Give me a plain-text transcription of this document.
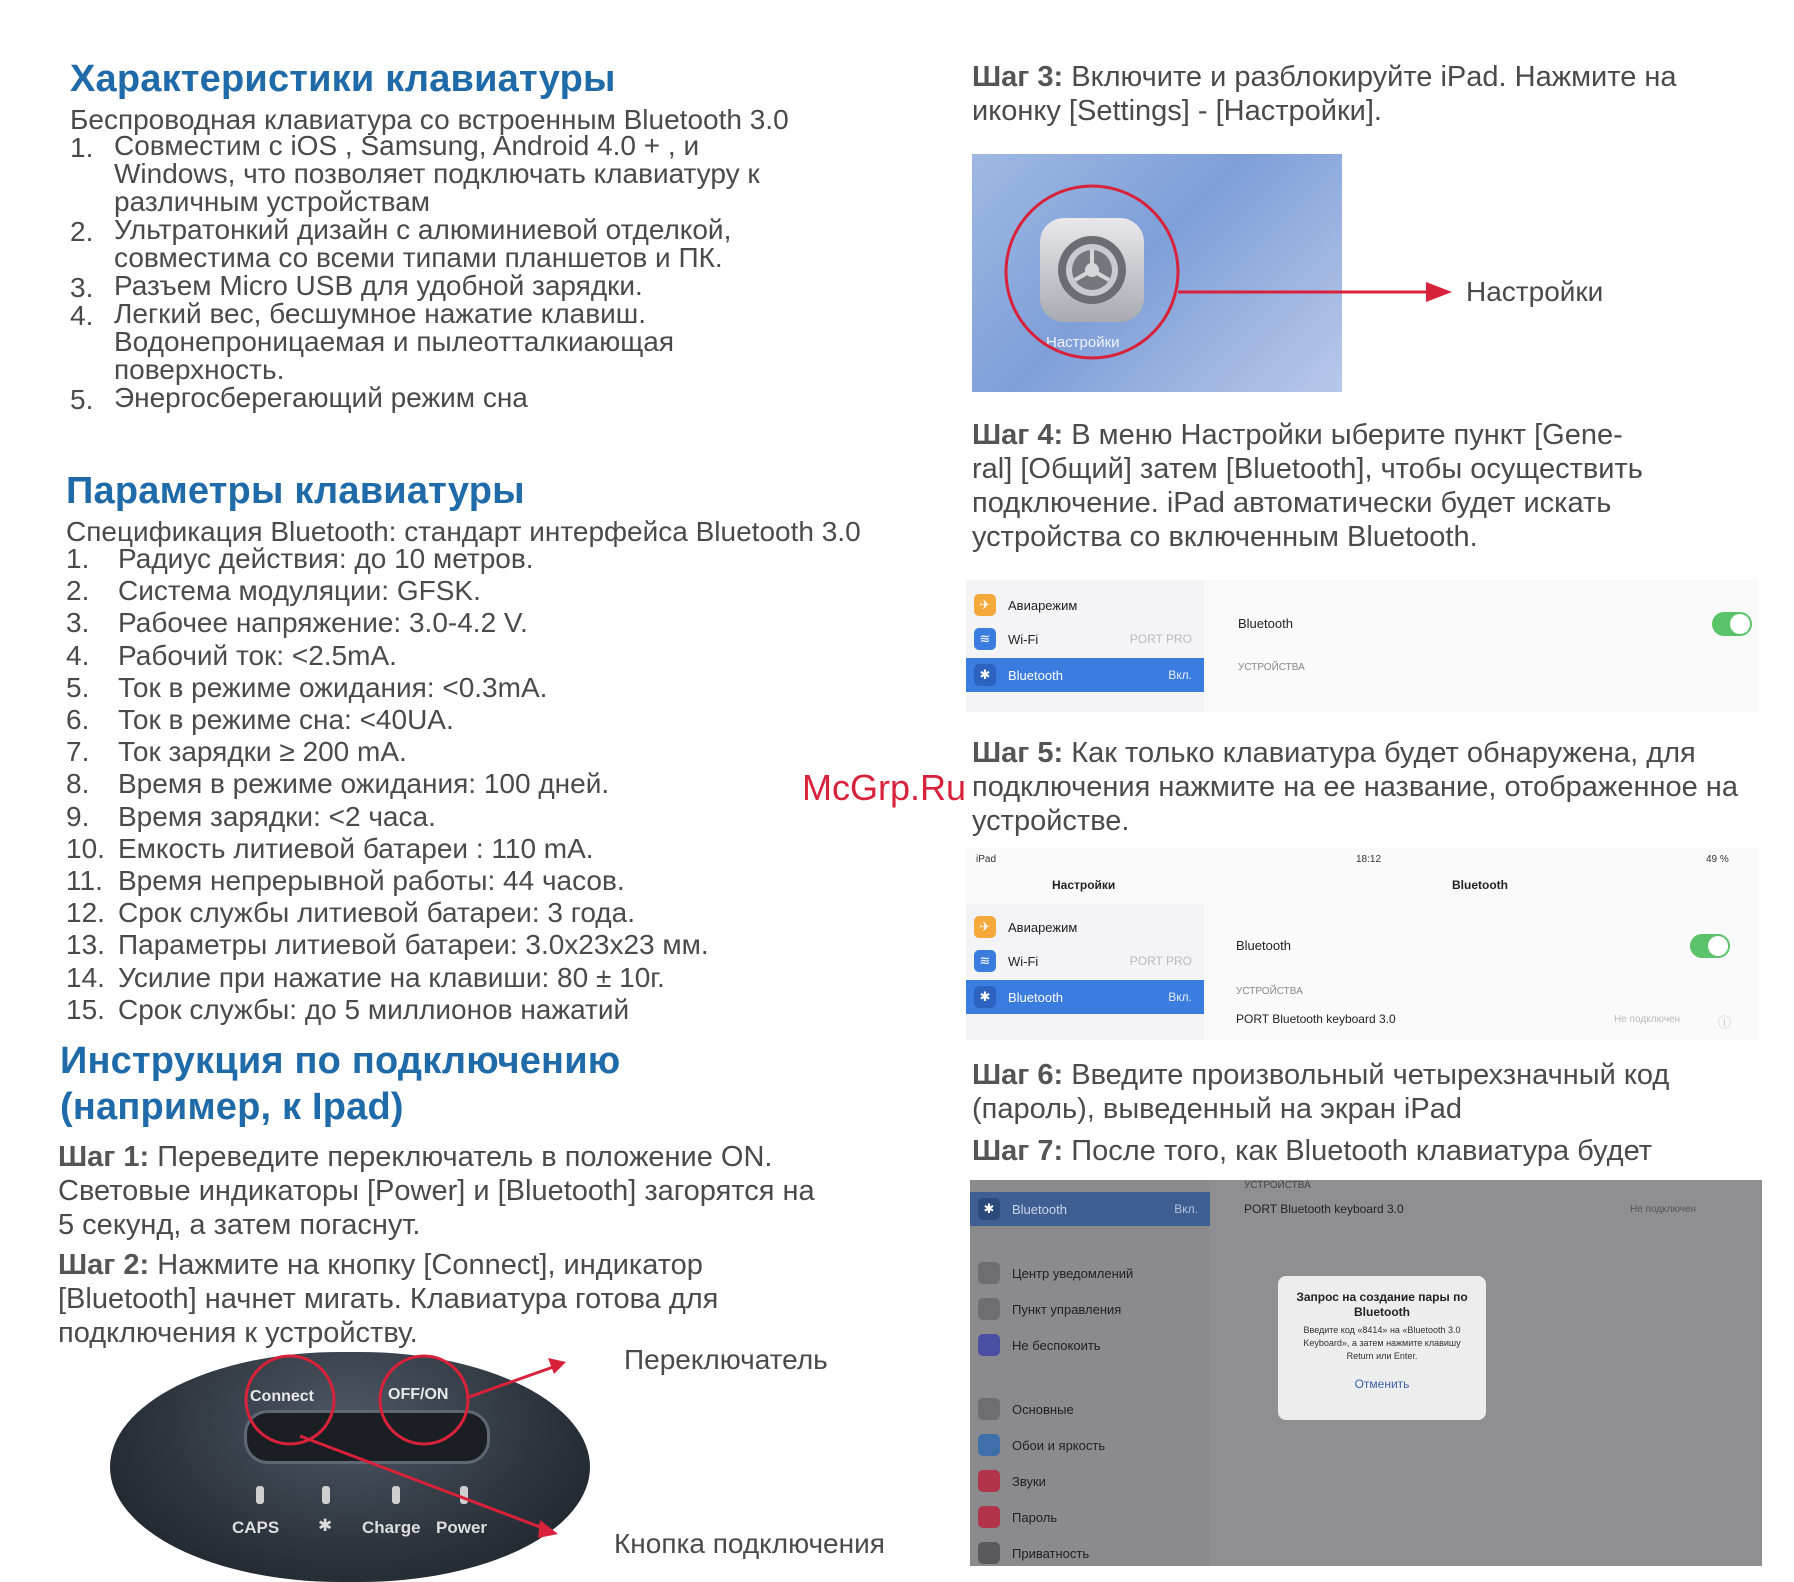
Характеристики клавиатуры
Беспроводная клавиатура со встроенным Bluetooth 3.0
1. Совместим с iOS , Samsung, Android 4.0 + , и
Windows, что позволяет подключать клавиатуру к
различным устройствам
2. Ультратонкий дизайн с алюминиевой отделкой,
совместима со всеми типами планшетов и ПК.
3. Разъем Micro USB для удобной зарядки.
4. Легкий вес, бесшумное нажатие клавиш.
Водонепроницаемая и пылеотталкиающая
поверхность.
5. Энергосберегающий режим сна
Параметры клавиатуры
Спецификация Bluetooth: стандарт интерфейса Bluetooth 3.0
1. Радиус действия: до 10 метров.
2. Система модуляции: GFSK.
3. Рабочее напряжение: 3.0-4.2 V.
4. Рабочий ток: <2.5mA.
5. Ток в режиме ожидания: <0.3mA.
6. Ток в режиме сна: <40UA.
7. Ток зарядки ≥ 200 mA.
8. Время в режиме ожидания: 100 дней.
9. Время зарядки: <2 часа.
10. Емкость литиевой батареи : 110 mA.
11. Время непрерывной работы: 44 часов.
12. Срок службы литиевой батареи: 3 года.
13. Параметры литиевой батареи: 3.0x23x23 мм.
14. Усилие при нажатие на клавиши: 80 ± 10г.
15. Срок службы: до 5 миллионов нажатий
Инструкция по подключению
(например, к Ipad)
Шаг 1: Переведите переключатель в положение ON.
Световые индикаторы [Power] и [Bluetooth] загорятся на
5 секунд, а затем погаснут.
Шаг 2: Нажмите на кнопку [Connect], индикатор
[Bluetooth] начнет мигать. Клавиатура готова для
подключения к устройству.
Connect	OFF/ON
CAPS ✱ Charge Power
Переключатель
Кнопка подключения
McGrp.Ru
Шаг 3: Включите и разблокируйте iPad. Нажмите на
иконку [Settings] - [Настройки].
Настройки
Настройки
Шаг 4: В меню Настройки ыберите пункт [Gene-
ral] [Общий] затем [Bluetooth], чтобы осуществить
подключение. iPad автоматически будет искать
устройства со включенным Bluetooth.
✈	Авиарежим
≋	Wi-Fi	PORT PRO
✱	Bluetooth	Вкл.
Bluetooth
УСТРОЙСТВА
Шаг 5: Как только клавиатура будет обнаружена, для
подключения нажмите на ее название, отображенное на
устройстве.
iPad	18:12	49 %
Настройки	Bluetooth
✈	Авиарежим
≋	Wi-Fi	PORT PRO
✱	Bluetooth	Вкл.
Bluetooth
УСТРОЙСТВА
PORT Bluetooth keyboard 3.0	Не подключен	ⓘ
Шаг 6: Введите произвольный четырехзначный код
(пароль), выведенный на экран iPad
Шаг 7: После того, как Bluetooth клавиатура будет
✱	Bluetooth	Вкл.
УСТРОЙСТВА
PORT Bluetooth keyboard 3.0	Не подключен
Центр уведомлений
Пункт управления
Не беспокоить
Основные
Обои и яркость
Звуки
Пароль
Приватность
Запрос на создание пары по Bluetooth
Введите код «8414» на «Bluetooth 3.0 Keyboard», а затем нажмите клавишу Return или Enter.
Отменить
